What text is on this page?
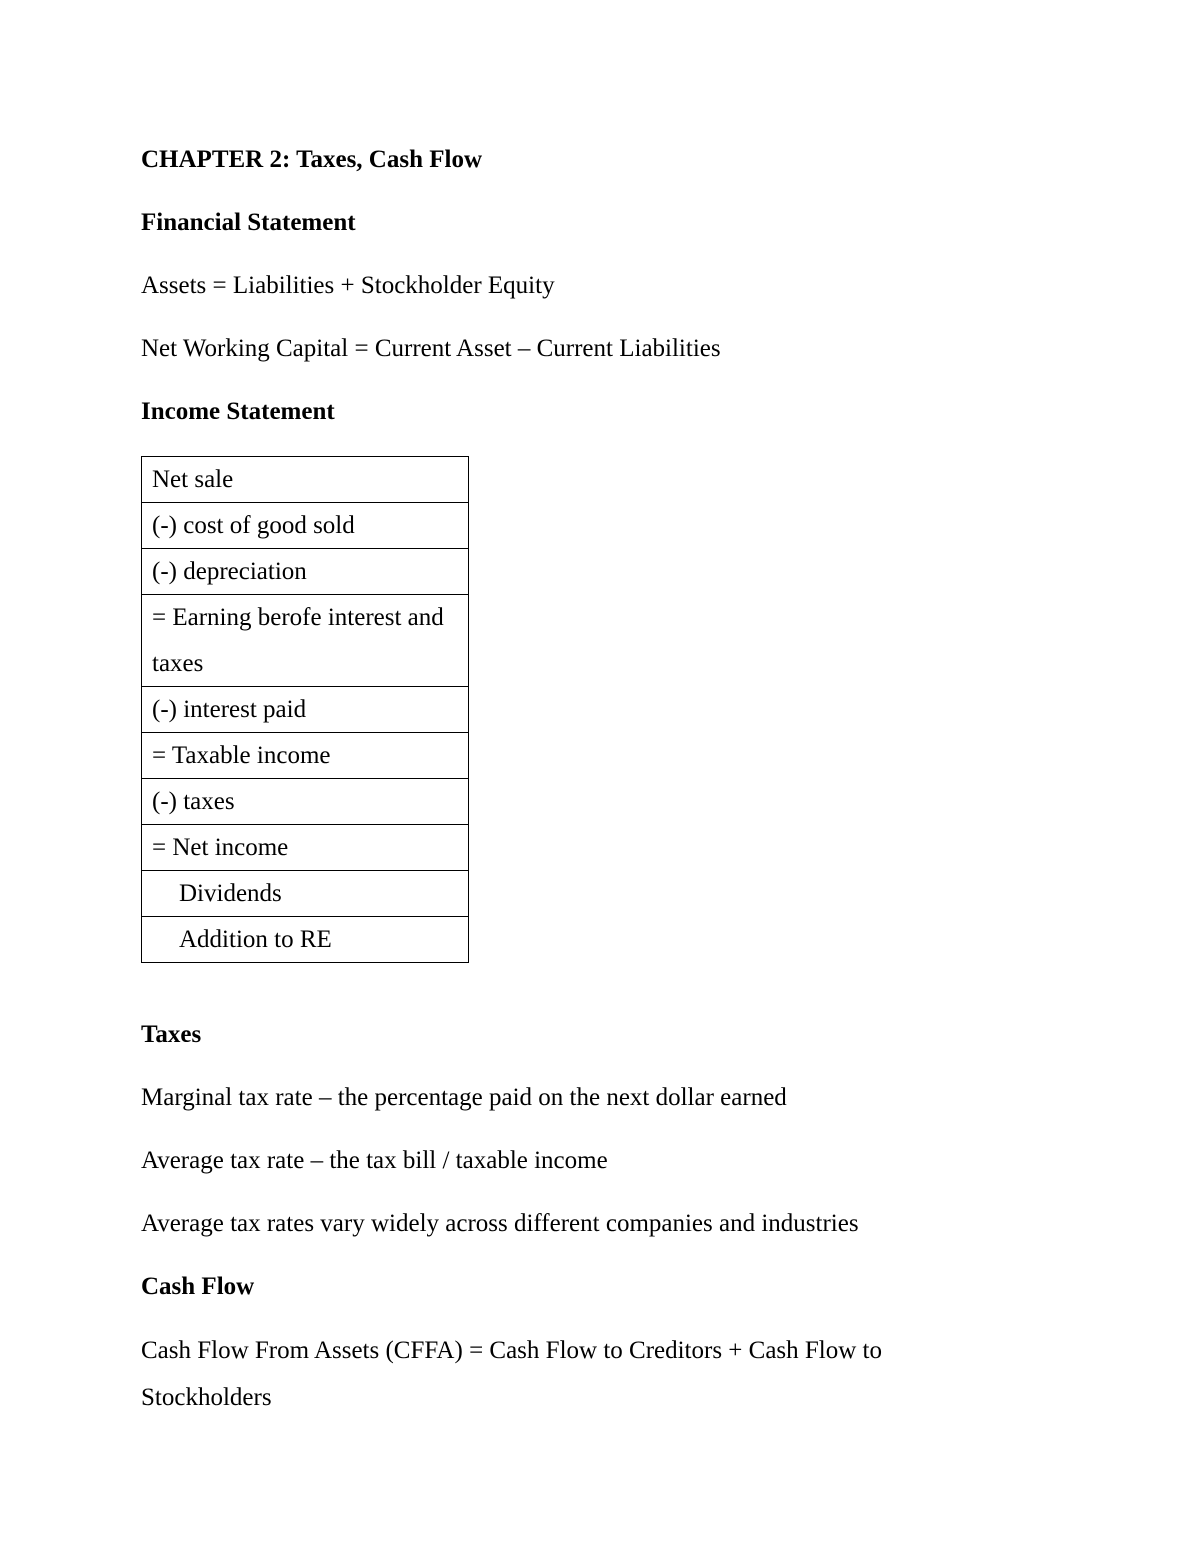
CHAPTER 2: Taxes, Cash Flow
Financial Statement
Assets = Liabilities + Stockholder Equity
Net Working Capital = Current Asset – Current Liabilities
Income Statement
Net sale

(-) cost of good sold

(-) depreciation

= Earning berofe interest and taxes

(-) interest paid

= Taxable income

(-) taxes

= Net income

Dividends

Addition to RE
Taxes
Marginal tax rate – the percentage paid on the next dollar earned
Average tax rate – the tax bill / taxable income
Average tax rates vary widely across different companies and industries
Cash Flow
Cash Flow From Assets (CFFA) = Cash Flow to Creditors + Cash Flow to Stockholders
